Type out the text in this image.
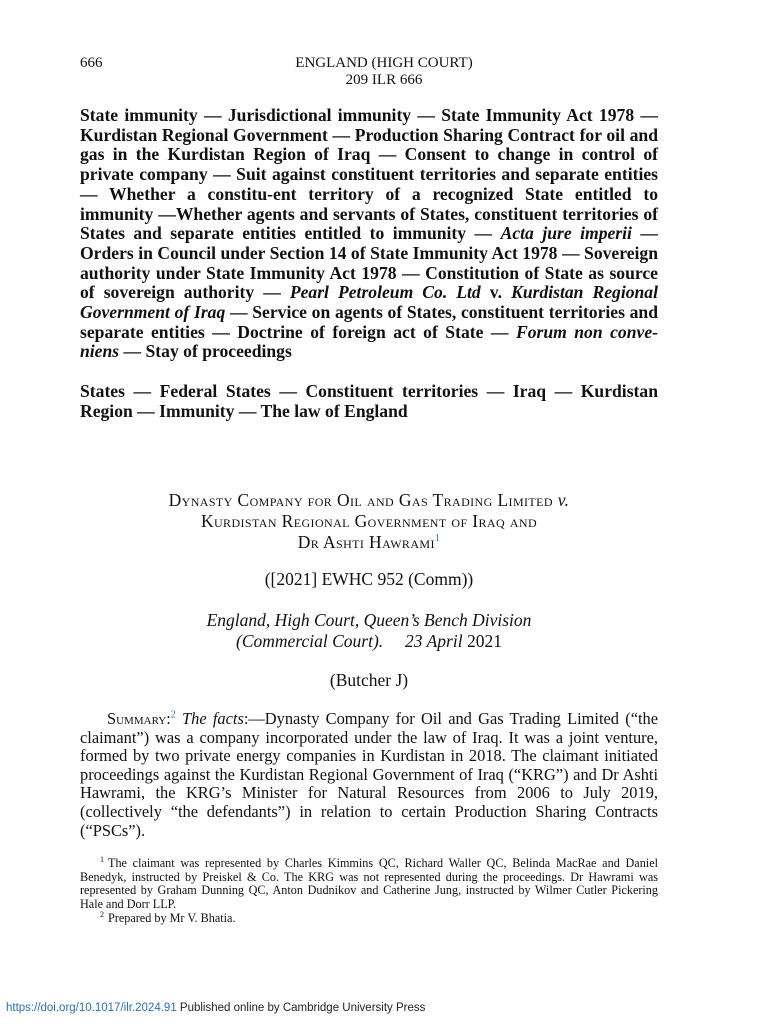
666	ENGLAND (HIGH COURT)
209 ILR 666

State immunity — Jurisdictional immunity — State Immunity Act 1978 — Kurdistan Regional Government — Production Sharing Contract for oil and gas in the Kurdistan Region of Iraq — Consent to change in control of private company — Suit against constituent territories and separate entities — Whether a constitu-ent territory of a recognized State entitled to immunity —Whether agents and servants of States, constituent territories of States and separate entities entitled to immunity — Acta jure imperii — Orders in Council under Section 14 of State Immunity Act 1978 — Sovereign authority under State Immunity Act 1978 — Constitution of State as source of sovereign authority — Pearl Petroleum Co. Ltd v. Kurdistan Regional Government of Iraq — Service on agents of States, constituent territories and separate entities — Doctrine of foreign act of State — Forum non conve-niens — Stay of proceedings

States — Federal States — Constituent territories — Iraq — Kurdistan Region — Immunity — The law of England

Dynasty Company for Oil and Gas Trading Limited v.
Kurdistan Regional Government of Iraq and
Dr Ashti Hawrami$^1$
([2021] EWHC 952 (Comm))
England, High Court, Queen’s Bench Division
(Commercial Court). 23 April 2021
(Butcher J)

Summary:$^2$ The facts:—Dynasty Company for Oil and Gas Trading Limited (“the claimant”) was a company incorporated under the law of Iraq. It was a joint venture, formed by two private energy companies in Kurdistan in 2018. The claimant initiated proceedings against the Kurdistan Regional Government of Iraq (“KRG”) and Dr Ashti Hawrami, the KRG’s Minister for Natural Resources from 2006 to July 2019, (collectively “the defendants”) in relation to certain Production Sharing Contracts (“PSCs”).

$^1$ The claimant was represented by Charles Kimmins QC, Richard Waller QC, Belinda MacRae and Daniel Benedyk, instructed by Preiskel & Co. The KRG was not represented during the proceedings. Dr Hawrami was represented by Graham Dunning QC, Anton Dudnikov and Catherine Jung, instructed by Wilmer Cutler Pickering Hale and Dorr LLP.

$^2$ Prepared by Mr V. Bhatia.

https://doi.org/10.1017/ilr.2024.91 Published online by Cambridge University Press
